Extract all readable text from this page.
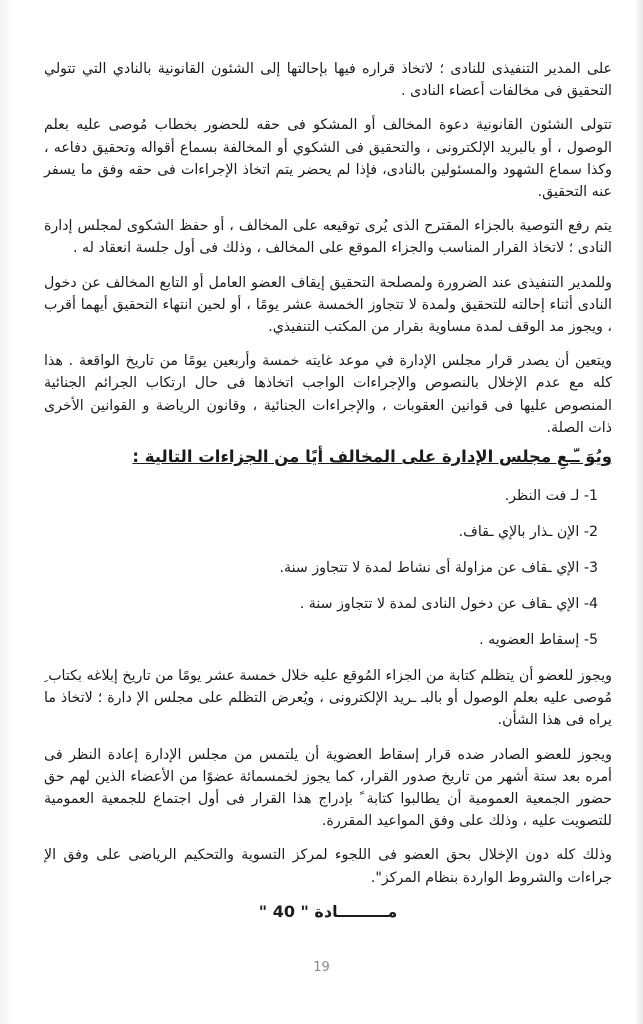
على المدير التنفيذى للنادى ؛ لاتخاذ قراره فيها بإحالتها إلى الشئون القانونية بالنادي التي تتولي التحقيق فى مخالفات أعضاء النادى .

تتولى الشئون القانونية دعوة المخالف أو المشكو فى حقه للحضور بخطاب مُوصى عليه بعلم الوصول ، أو بالبريد الإلكترونى ، والتحقيق فى الشكوي أو المخالفة بسماع أقواله وتحقيق دفاعه ، وكذا سماع الشهود والمسئولين بالنادى، فإذا لم يحضر يتم اتخاذ الإجراءات فى حقه وفق ما يسفر عنه التحقيق.

يتم رفع التوصية بالجزاء المقترح الذى يُرى توقيعه على المخالف ، أو حفظ الشكوى لمجلس إدارة النادى ؛ لاتخاذ القرار المناسب والجزاء الموقع على المخالف ، وذلك فى أول جلسة انعقاد له .

وللمدير التنفيذى عند الضرورة ولمصلحة التحقيق إيقاف العضو العامل أو التابع المخالف عن دخول النادى أثناء إحالته للتحقيق ولمدة لا تتجاوز الخمسة عشر يومًا ، أو لحين انتهاء التحقيق أيهما أقرب ، ويجوز مد الوقف لمدة مساوية بقرار من المكتب التنفيذي.

ويتعين أن يصدر قرار مجلس الإدارة في موعد غايته خمسة وأربعين يومًا من تاريخ الواقعة . هذا كله مع عدم الإخلال بالنصوص والإجراءات الواجب اتخاذها فى حال ارتكاب الجرائم الجنائية المنصوص عليها فى قوانين العقوبات ، والإجراءات الجنائية ، وقانون الرياضة و القوانين الأخرى ذات الصلة.

ويُوَ ـّـعِ مجلس الإدارة على المخالف أيًا من الجزاءات التالية :
1- لـ فت النظر.
2- الإن ـذار بالإي ـقاف.
3- الإي ـقاف عن مزاولة أى نشاط لمدة لا تتجاوز سنة.
4- الإي ـقاف عن دخول النادى لمدة لا تتجاوز سنة .
5- إسقاط العضويه .

ويجوز للعضو أن يتظلم كتابة من الجزاء المُوقع عليه خلال خمسة عشر يومًا من تاريخ إبلاغه بكتاب ِ مُوصى عليه بعلم الوصول أو بالبـ ـريد الإلكترونى ، ويُعرض التظلم على مجلس الإ دارة ؛ لاتخاذ ما يراه فى هذا الشأن.

ويجوز للعضو الصادر ضده قرار إسقاط العضوية أن يلتمس من مجلس الإدارة إعادة النظر فى أمره بعد ستة أشهر من تاريخ صدور القرار، كما يجوز لخمسمائة عضوًا من الأعضاء الذين لهم حق حضور الجمعية العمومية أن يطالبوا كتابة ً بإدراج هذا القرار فى أول اجتماع للجمعية العمومية للتصويت عليه ، وذلك على وفق المواعيد المقررة.

وذلك كله دون الإخلال بحق العضو فى اللجوء لمركز التسوية والتحكيم الرياضى على وفق الإ جراءات والشروط الواردة بنظام المركز".

مـــــــــادة " 40 "
19
